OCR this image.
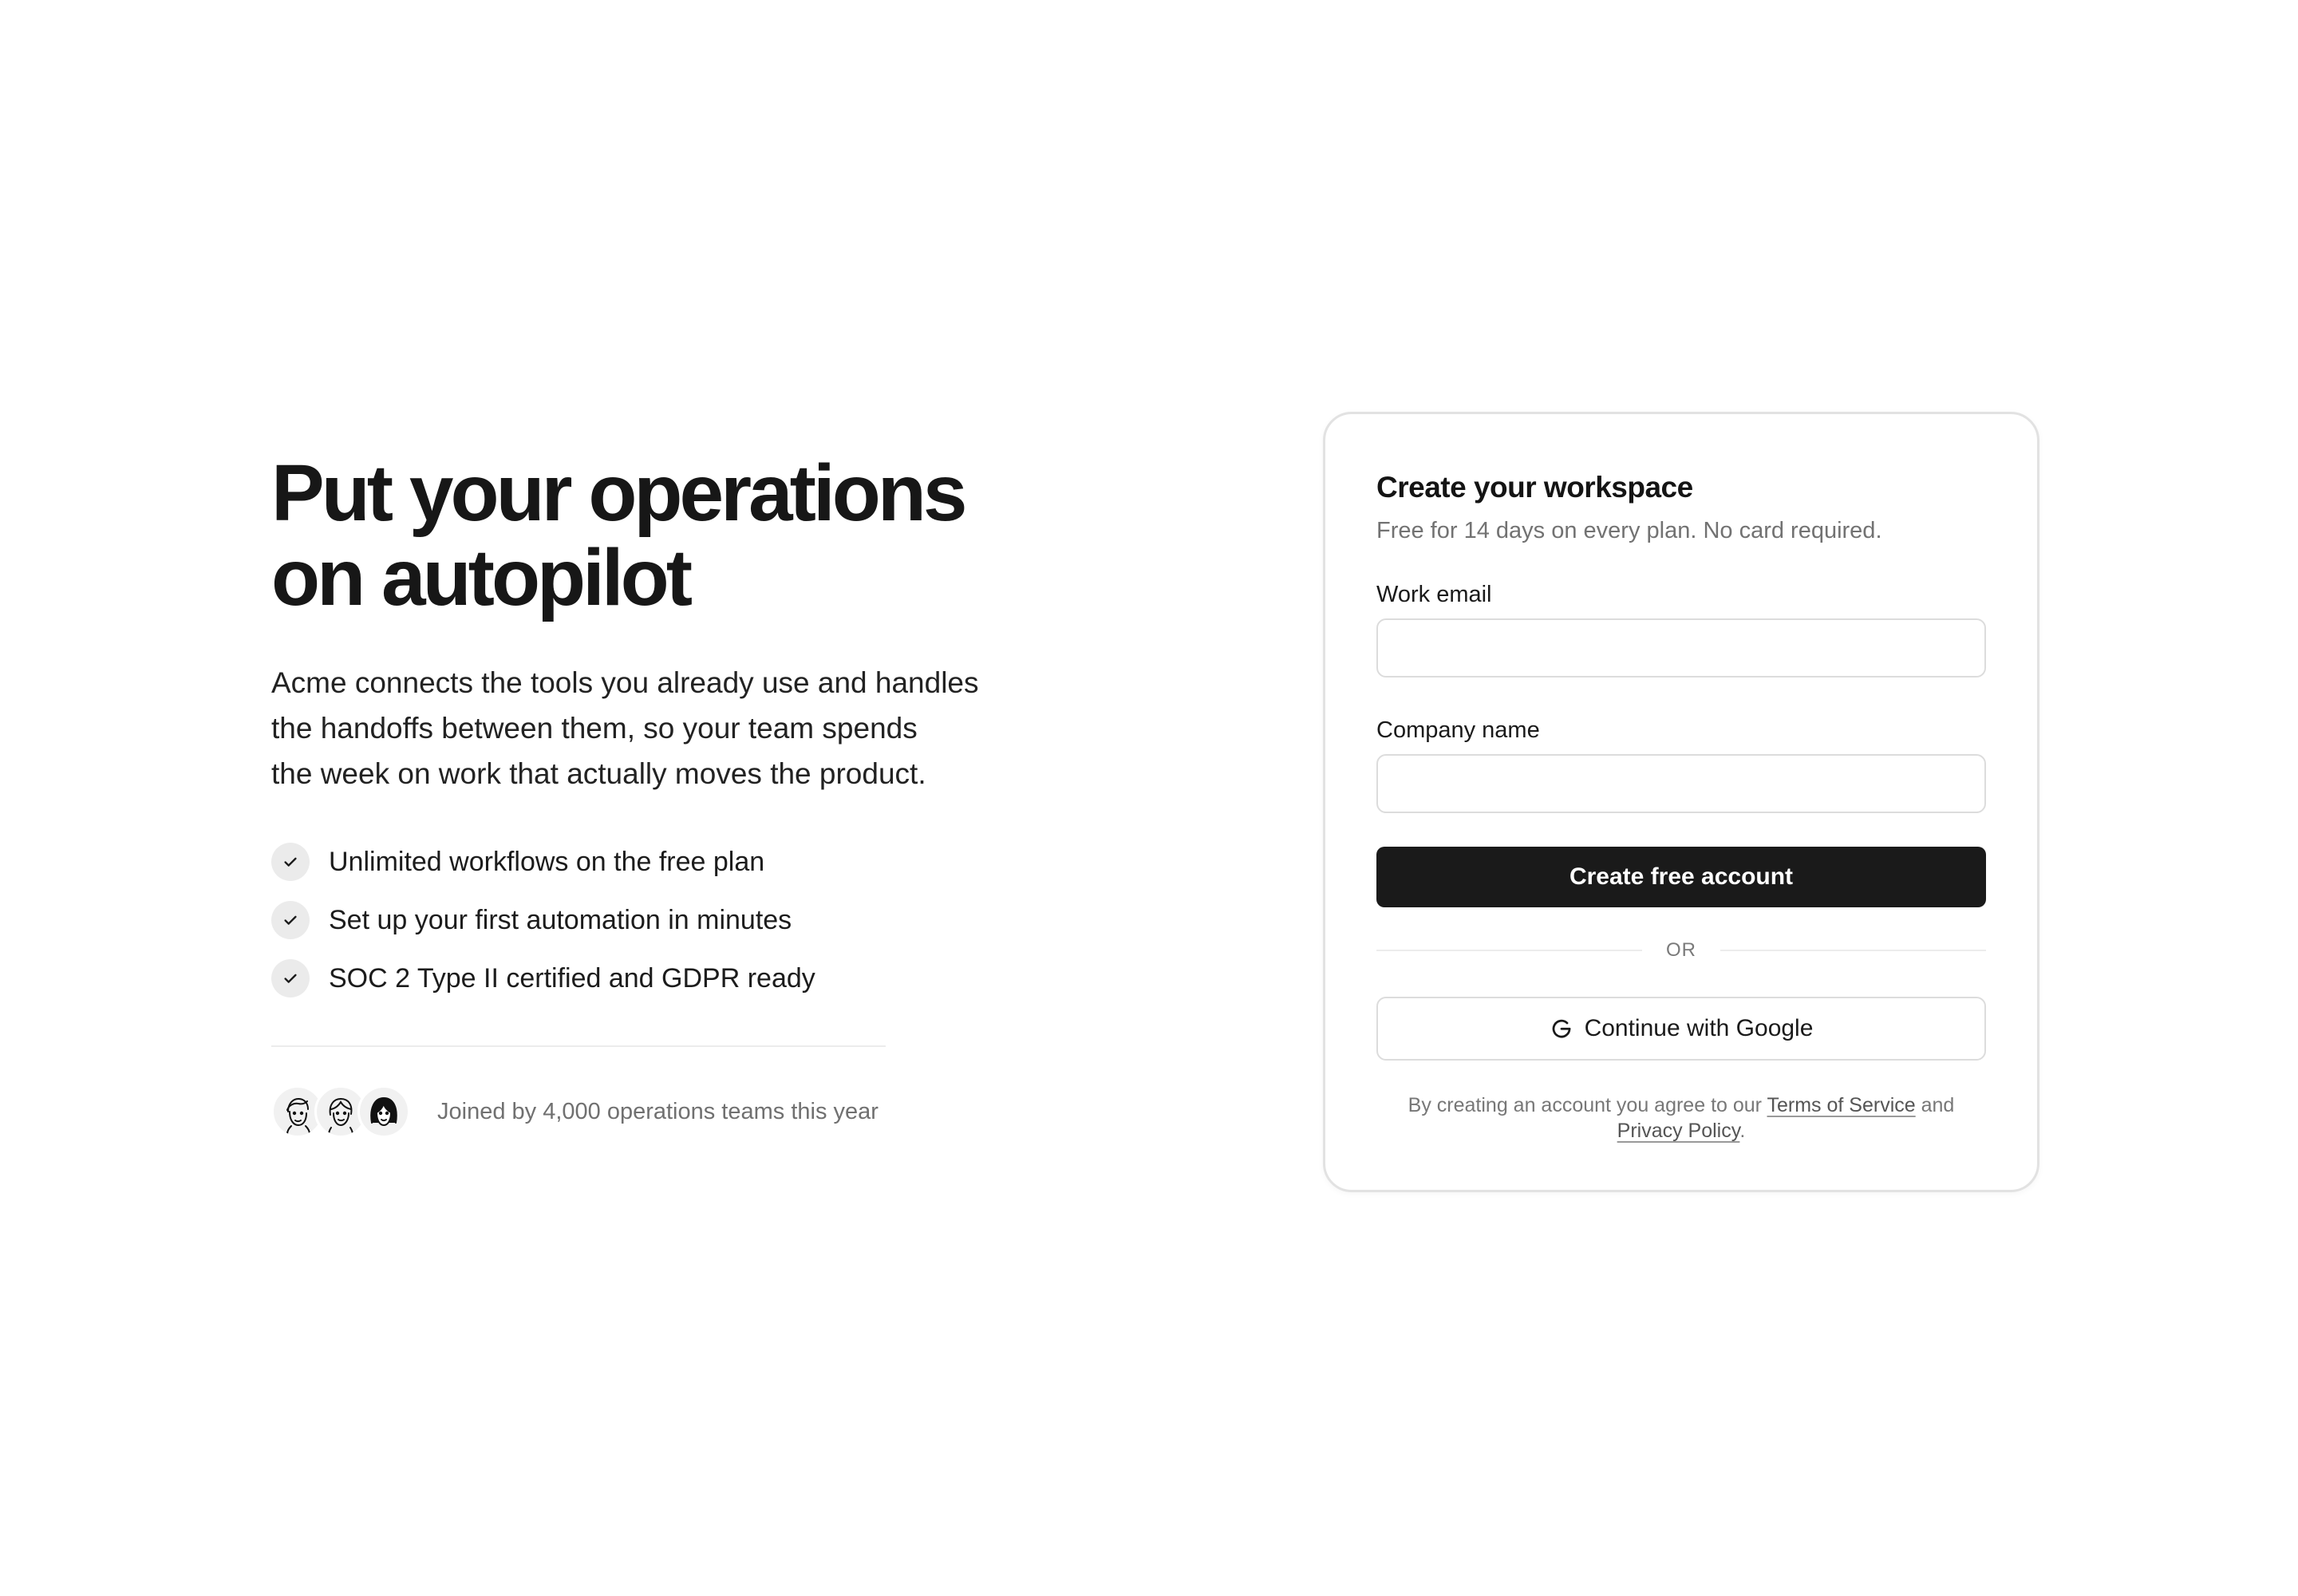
Put your operations
on autopilot

Acme connects the tools you already use and handles
the handoffs between them, so your team spends
the week on work that actually moves the product.

Unlimited workflows on the free plan
Set up your first automation in minutes
SOC 2 Type II certified and GDPR ready
Joined by 4,000 operations teams this year
Create your workspace

Free for 14 days on every plan. No card required.

Work email
Company name
Create free account
OR
Continue with Google

By creating an account you agree to our Terms of Service and
Privacy Policy.
